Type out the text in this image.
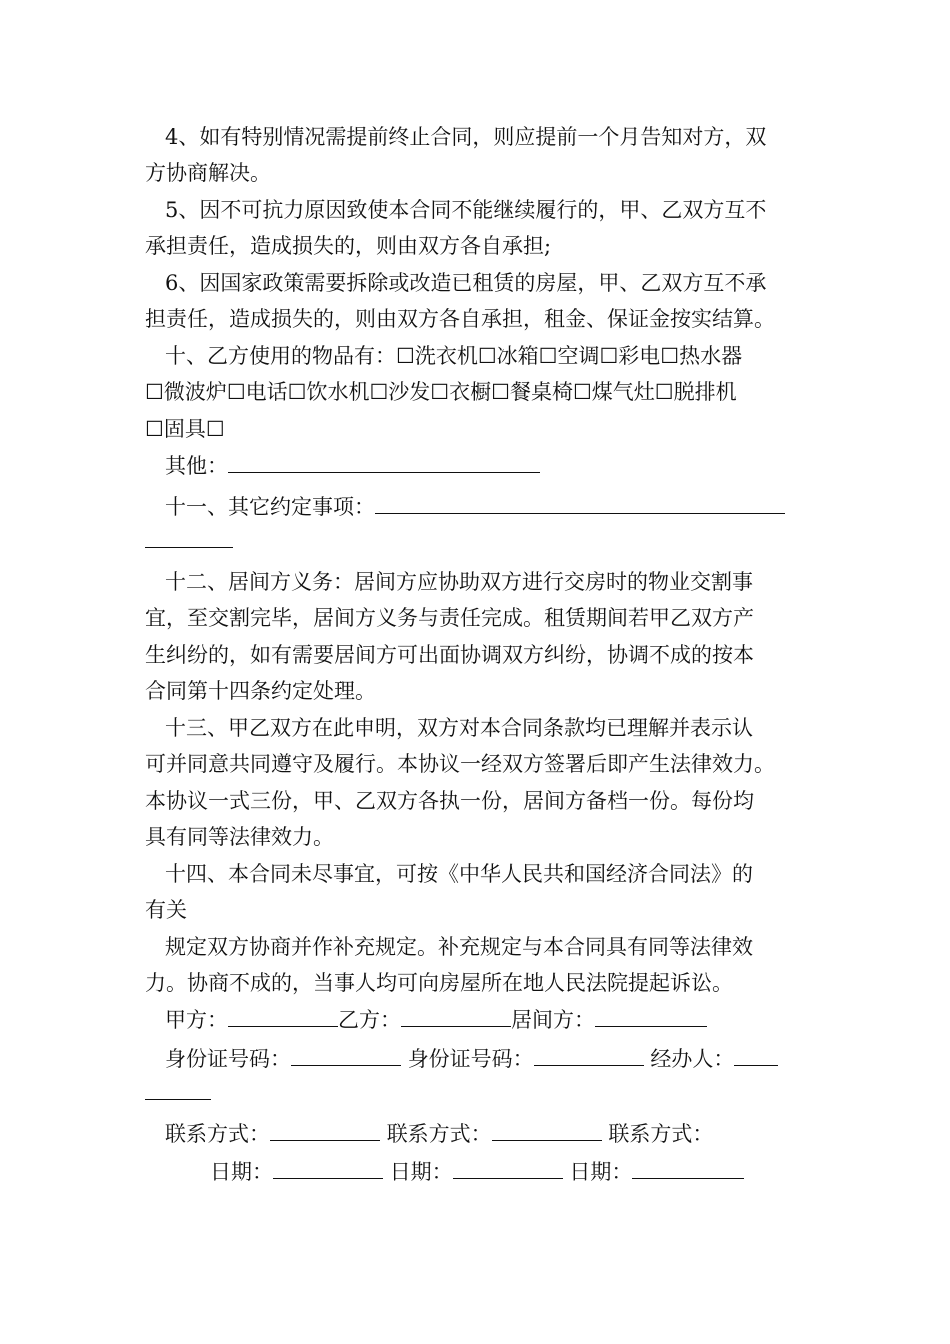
4、如有特别情况需提前终止合同，则应提前一个月告知对方，双
方协商解决。
5、因不可抗力原因致使本合同不能继续履行的，甲、乙双方互不
承担责任，造成损失的，则由双方各自承担;
6、因国家政策需要拆除或改造已租赁的房屋，甲、乙双方互不承
担责任，造成损失的，则由双方各自承担，租金、保证金按实结算。
十、乙方使用的物品有：☐洗衣机☐冰箱☐空调☐彩电☐热水器
☐微波炉☐电话☐饮水机☐沙发☐衣橱☐餐桌椅☐煤气灶☐脱排机
☐固具☐
其他：
十一、其它约定事项：
十二、居间方义务：居间方应协助双方进行交房时的物业交割事
宜，至交割完毕，居间方义务与责任完成。租赁期间若甲乙双方产
生纠纷的，如有需要居间方可出面协调双方纠纷，协调不成的按本
合同第十四条约定处理。
十三、甲乙双方在此申明，双方对本合同条款均已理解并表示认
可并同意共同遵守及履行。本协议一经双方签署后即产生法律效力。
本协议一式三份，甲、乙双方各执一份，居间方备档一份。每份均
具有同等法律效力。
十四、本合同未尽事宜，可按《中华人民共和国经济合同法》的
有关
规定双方协商并作补充规定。补充规定与本合同具有同等法律效
力。协商不成的，当事人均可向房屋所在地人民法院提起诉讼。
甲方：	乙方：	居间方：
身份证号码：	身份证号码：	经办人：
联系方式：	联系方式：	联系方式：
日期：	日期：	日期：
